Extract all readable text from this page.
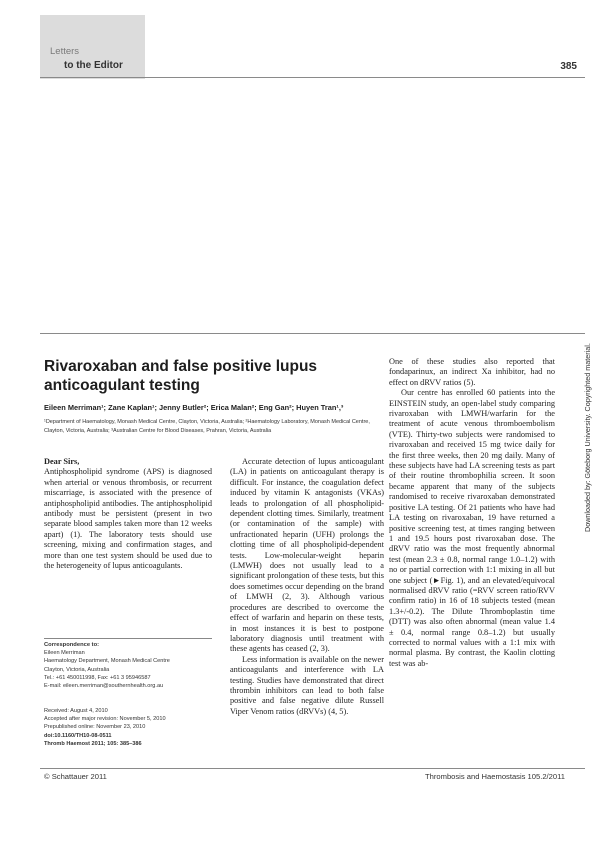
Letters
to the Editor	385
Downloaded by: Göteborg University. Copyrighted material.
Rivaroxaban and false positive lupus
anticoagulant testing
Eileen Merriman¹; Zane Kaplan¹; Jenny Butler²; Erica Malan²; Eng Gan²; Huyen Tran¹,³
¹Department of Haematology, Monash Medical Centre, Clayton, Victoria, Australia; ²Haematology Laboratory, Monash Medical Centre, Clayton, Victoria, Australia; ³Australian Centre for Blood Diseases, Prahran, Victoria, Australia

Dear Sirs,

Antiphospholipid syndrome (APS) is diagnosed when arterial or venous thrombosis, or recurrent miscarriage, is associated with the presence of antiphospholipid antibodies. The antiphospholipid antibody must be persistent (present in two separate blood samples taken more than 12 weeks apart) (1). The laboratory tests should use screening, mixing and confirmation stages, and more than one test system should be used due to the heterogeneity of lupus anticoagulants.

Accurate detection of lupus anticoagulant (LA) in patients on anticoagulant therapy is difficult. For instance, the coagulation defect induced by vitamin K antagonists (VKAs) leads to prolongation of all phospholipid-dependent clotting times. Similarly, treatment (or contamination of the sample) with unfractionated heparin (UFH) prolongs the clotting time of all phospholipid-dependent tests. Low-molecular-weight heparin (LMWH) does not usually lead to a significant prolongation of these tests, but this does sometimes occur depending on the brand of LMWH (2, 3). Although various procedures are described to overcome the effect of warfarin and heparin on these tests, in most instances it is best to postpone laboratory diagnosis until treatment with these agents has ceased (2, 3).

Less information is available on the newer anticoagulants and interference with LA testing. Studies have demonstrated that direct thrombin inhibitors can lead to both false positive and false negative dilute Russell Viper Venom ratios (dRVVs) (4, 5).

One of these studies also reported that fondaparinux, an indirect Xa inhibitor, had no effect on dRVV ratios (5).

Our centre has enrolled 60 patients into the EINSTEIN study, an open-label study comparing rivaroxaban with LMWH/warfarin for the treatment of acute venous thromboembolism (VTE). Thirty-two subjects were randomised to rivaroxaban and received 15 mg twice daily for the first three weeks, then 20 mg daily. Many of these subjects have had LA screening tests as part of their routine thrombophilia screen. It soon became apparent that many of the subjects randomised to receive rivaroxaban demonstrated positive LA testing. Of 21 patients who have had LA testing on rivaroxaban, 19 have returned a positive screening test, at times ranging between 1 and 19.5 hours post rivaroxaban dose. The dRVV ratio was the most frequently abnormal test (mean 2.3 ± 0.8, normal range 1.0–1.2) with no or partial correction with 1:1 mixing in all but one subject (►Fig. 1), and an elevated/equivocal normalised dRVV ratio (=RVV screen ratio/RVV confirm ratio) in 16 of 18 subjects tested (mean 1.3+/-0.2). The Dilute Thromboplastin time (DTT) was also often abnormal (mean value 1.4 ± 0.4, normal range 0.8–1.2) but usually corrected to normal values with a 1:1 mix with normal plasma. By contrast, the Kaolin clotting test was ab-

Correspondence to:
Eileen Merriman
Haematology Department, Monash Medical Centre
Clayton, Victoria, Australia
Tel.: +61 450011998, Fax: +61 3 95946587
E-mail: eileen.merriman@southernhealth.org.au
Received: August 4, 2010
Accepted after major revision: November 5, 2010
Prepublished online: November 23, 2010
doi:10.1160/TH10-08-0511
Thromb Haemost 2011; 105: 385–386
© Schattauer 2011	Thrombosis and Haemostasis 105.2/2011
